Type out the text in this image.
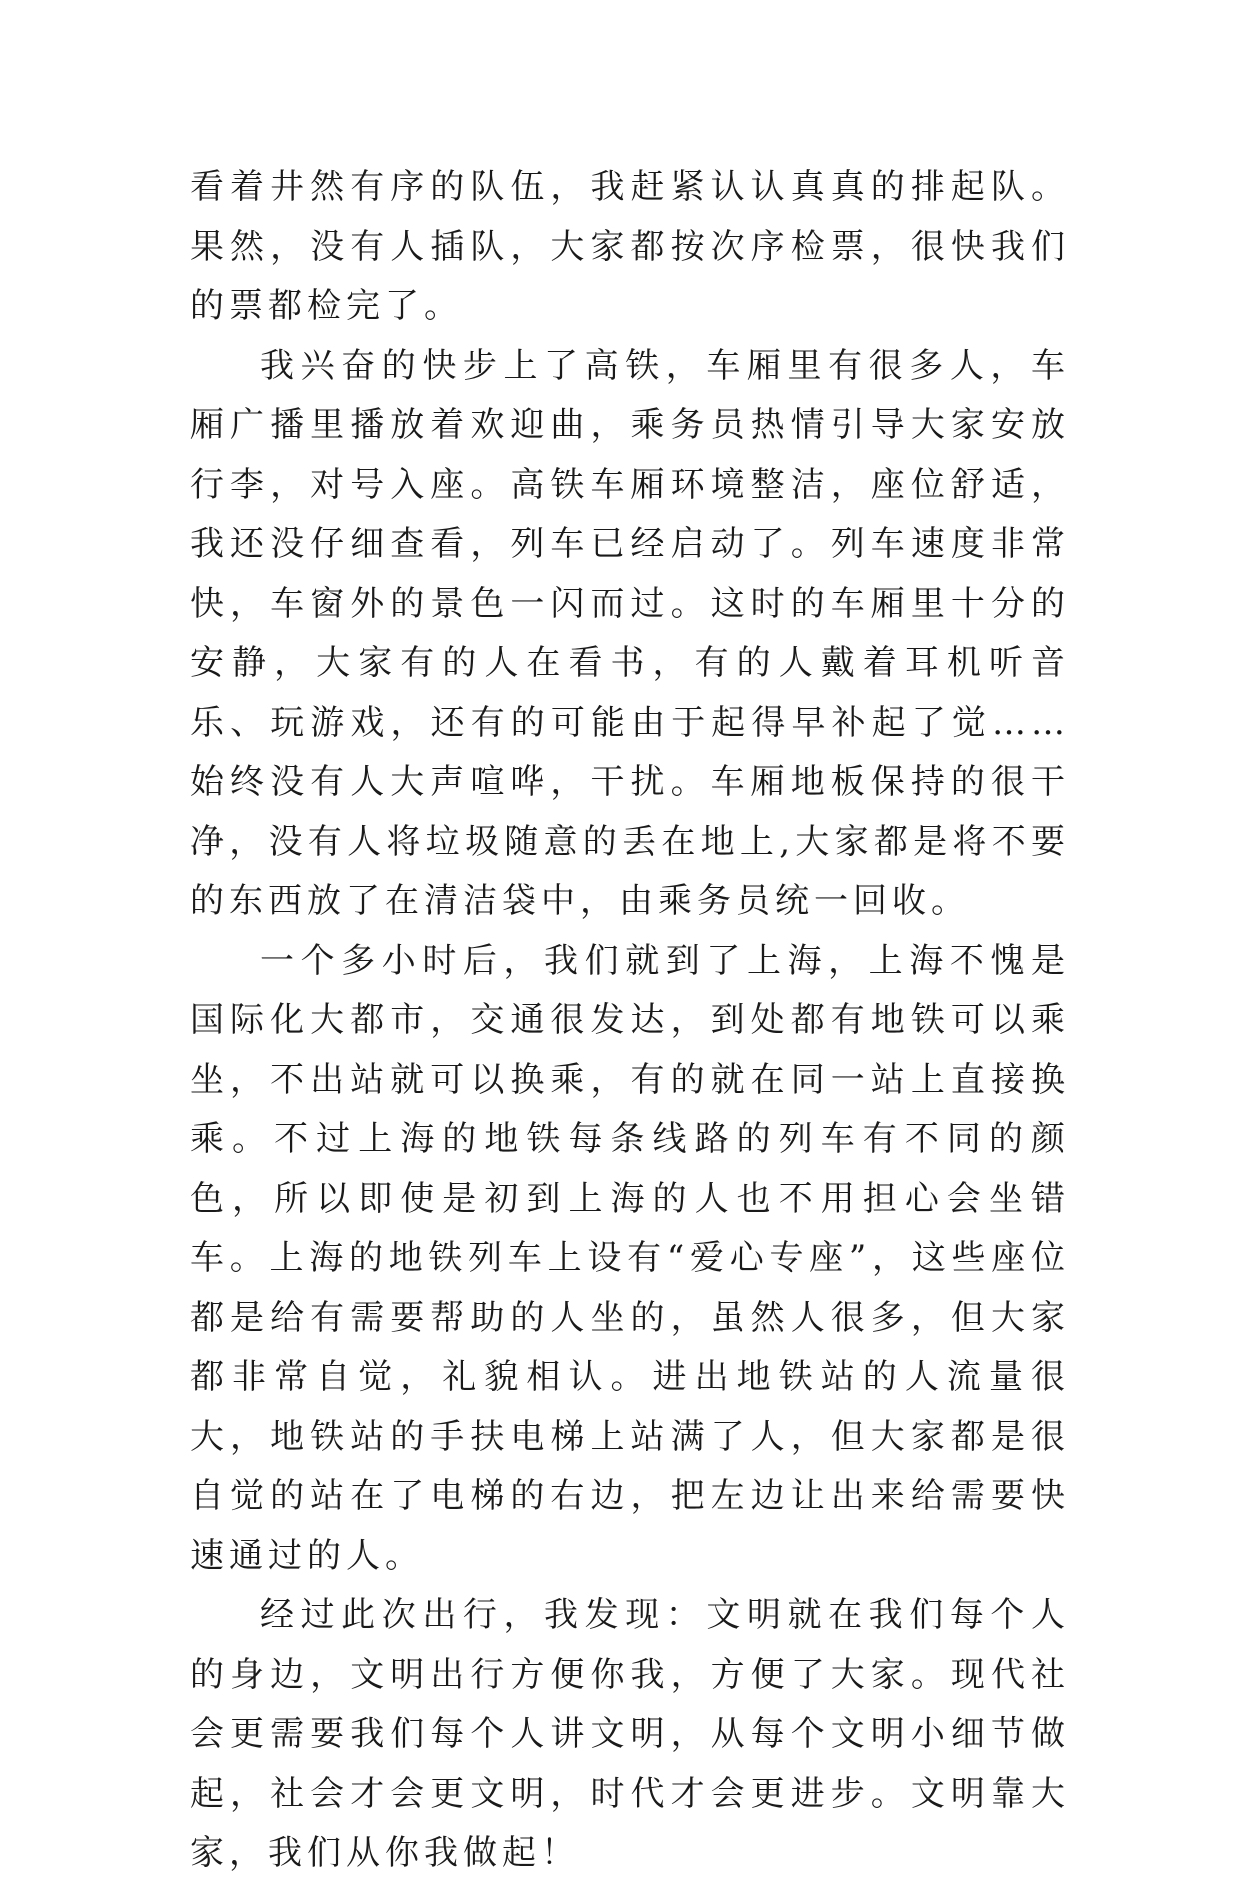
看着井然有序的队伍，我赶紧认认真真的排起队。果然，没有人插队，大家都按次序检票，很快我们的票都检完了。

我兴奋的快步上了高铁，车厢里有很多人，车厢广播里播放着欢迎曲，乘务员热情引导大家安放行李，对号入座。高铁车厢环境整洁，座位舒适，我还没仔细查看，列车已经启动了。列车速度非常快，车窗外的景色一闪而过。这时的车厢里十分的安静，大家有的人在看书，有的人戴着耳机听音乐、玩游戏，还有的可能由于起得早补起了觉……始终没有人大声喧哗，干扰。车厢地板保持的很干净，没有人将垃圾随意的丢在地上,大家都是将不要的东西放了在清洁袋中，由乘务员统一回收。

一个多小时后，我们就到了上海，上海不愧是国际化大都市，交通很发达，到处都有地铁可以乘坐，不出站就可以换乘，有的就在同一站上直接换乘。不过上海的地铁每条线路的列车有不同的颜色，所以即使是初到上海的人也不用担心会坐错车。上海的地铁列车上设有“爱心专座”，这些座位都是给有需要帮助的人坐的，虽然人很多，但大家都非常自觉，礼貌相认。进出地铁站的人流量很大，地铁站的手扶电梯上站满了人，但大家都是很自觉的站在了电梯的右边，把左边让出来给需要快速通过的人。

经过此次出行，我发现：文明就在我们每个人的身边，文明出行方便你我，方便了大家。现代社会更需要我们每个人讲文明，从每个文明小细节做起，社会才会更文明，时代才会更进步。文明靠大家，我们从你我做起！
